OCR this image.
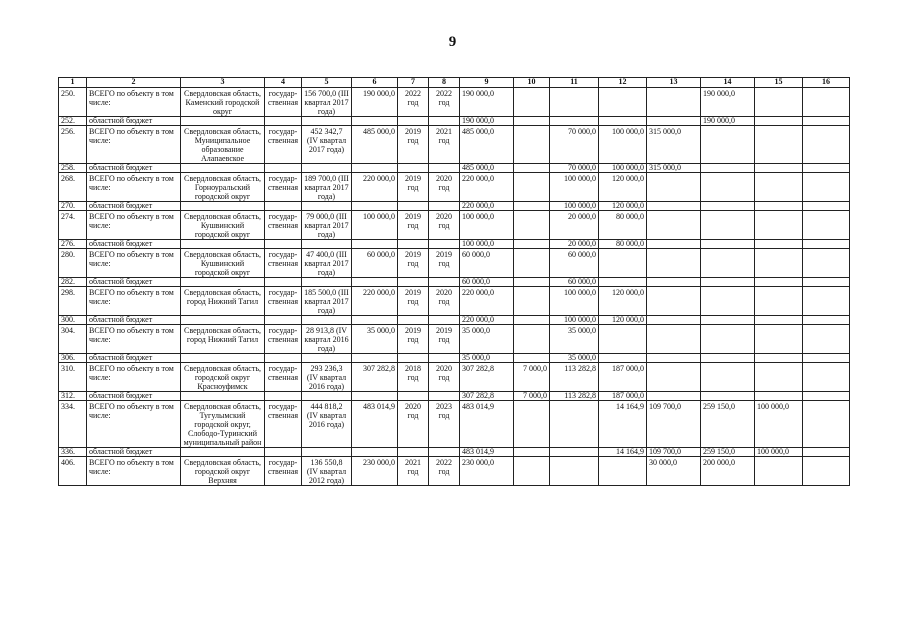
9
1	2	3	4	5	6	7	8	9	10	11	12	13	14	15	16
250.	ВСЕГО по объекту в том числе:	Свердловская область, Каменский городской округ	государ-ственная	156 700,0 (III квартал 2017 года)	190 000,0	2022 год	2022 год	190 000,0					190 000,0		
252.	областной бюджет							190 000,0					190 000,0		
256.	ВСЕГО по объекту в том числе:	Свердловская область, Муниципальное образование Алапаевское	государ-ственная	452 342,7 (IV квартал 2017 года)	485 000,0	2019 год	2021 год	485 000,0		70 000,0	100 000,0	315 000,0			
258.	областной бюджет							485 000,0		70 000,0	100 000,0	315 000,0			
268.	ВСЕГО по объекту в том числе:	Свердловская область, Горноуральский городской округ	государ-ственная	189 700,0 (III квартал 2017 года)	220 000,0	2019 год	2020 год	220 000,0		100 000,0	120 000,0				
270.	областной бюджет							220 000,0		100 000,0	120 000,0				
274.	ВСЕГО по объекту в том числе:	Свердловская область, Кушвинский городской округ	государ-ственная	79 000,0 (III квартал 2017 года)	100 000,0	2019 год	2020 год	100 000,0		20 000,0	80 000,0				
276.	областной бюджет							100 000,0		20 000,0	80 000,0				
280.	ВСЕГО по объекту в том числе:	Свердловская область, Кушвинский городской округ	государ-ственная	47 400,0 (III квартал 2017 года)	60 000,0	2019 год	2019 год	60 000,0		60 000,0					
282.	областной бюджет							60 000,0		60 000,0					
298.	ВСЕГО по объекту в том числе:	Свердловская область, город Нижний Тагил	государ-ственная	185 500,0 (III квартал 2017 года)	220 000,0	2019 год	2020 год	220 000,0		100 000,0	120 000,0				
300.	областной бюджет							220 000,0		100 000,0	120 000,0				
304.	ВСЕГО по объекту в том числе:	Свердловская область, город Нижний Тагил	государ-ственная	28 913,8 (IV квартал 2016 года)	35 000,0	2019 год	2019 год	35 000,0		35 000,0					
306.	областной бюджет							35 000,0		35 000,0					
310.	ВСЕГО по объекту в том числе:	Свердловская область, городской округ Красноуфимск	государ-ственная	293 236,3 (IV квартал 2016 года)	307 282,8	2018 год	2020 год	307 282,8	7 000,0	113 282,8	187 000,0				
312.	областной бюджет							307 282,8	7 000,0	113 282,8	187 000,0				
334.	ВСЕГО по объекту в том числе:	Свердловская область, Тугулымский городской округ, Слободо-Туринский муниципальный район	государ-ственная	444 818,2 (IV квартал 2016 года)	483 014,9	2020 год	2023 год	483 014,9			14 164,9	109 700,0	259 150,0	100 000,0	
336.	областной бюджет							483 014,9			14 164,9	109 700,0	259 150,0	100 000,0	
406.	ВСЕГО по объекту в том числе:	Свердловская область, городской округ Верхняя	государ-ственная	136 550,8 (IV квартал 2012 года)	230 000,0	2021 год	2022 год	230 000,0				30 000,0	200 000,0		
